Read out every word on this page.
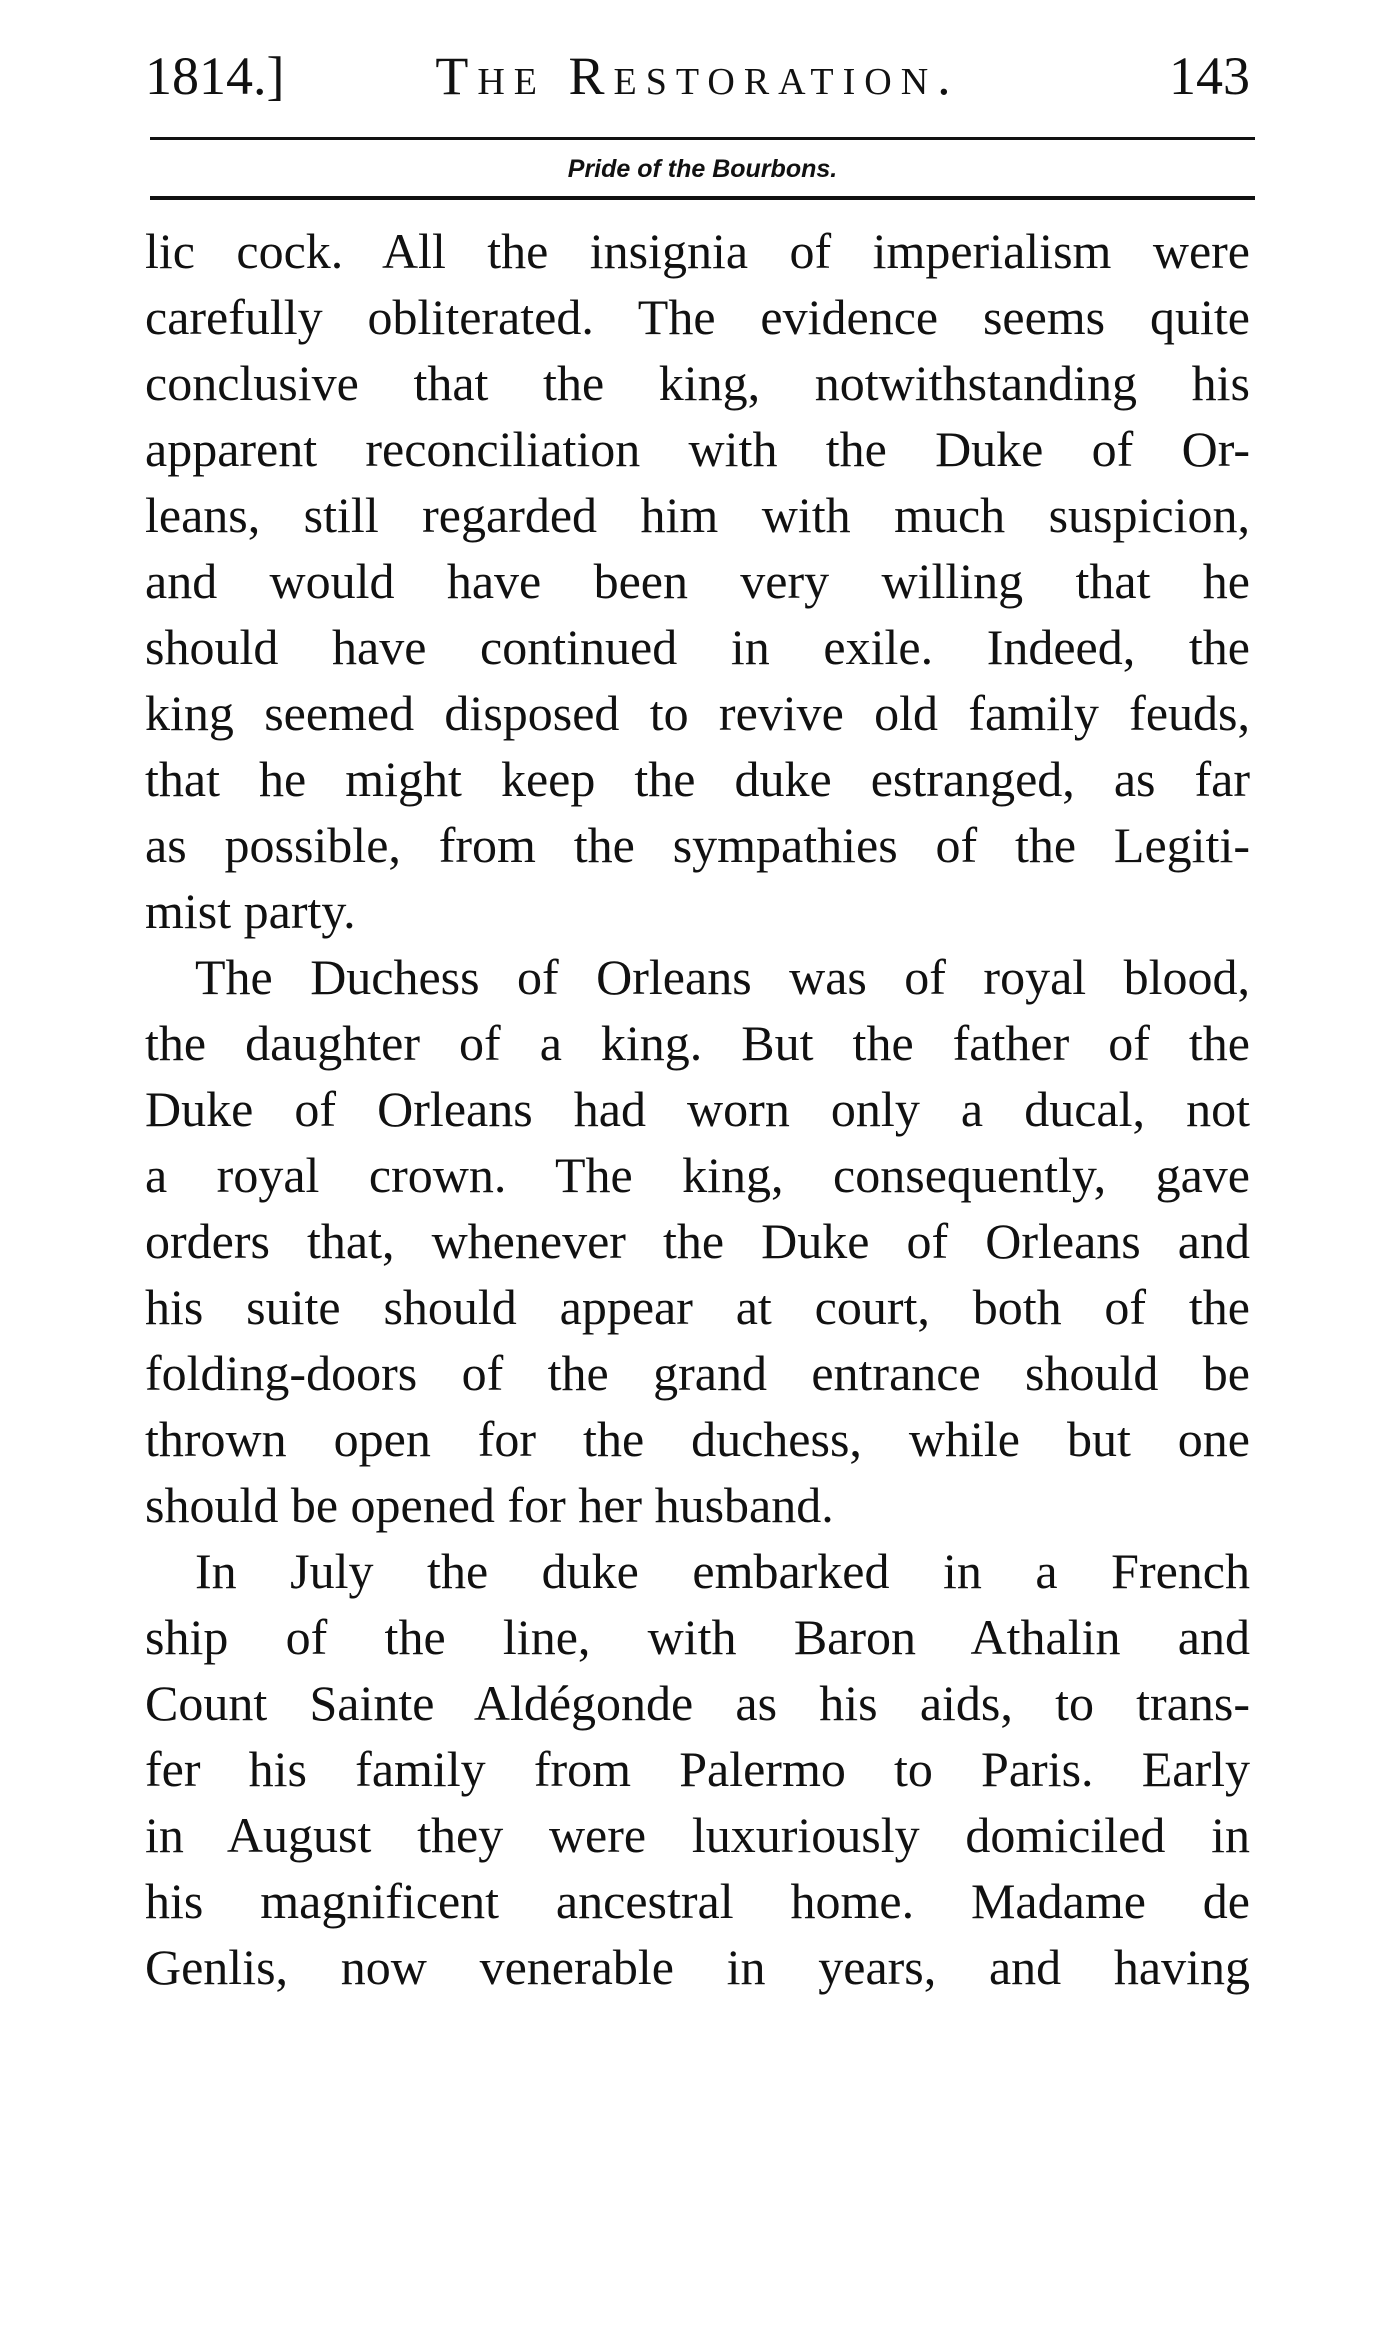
1814.]	The Restoration.	143
Pride of the Bourbons.
lic cock. All the insignia of imperialism were
carefully obliterated. The evidence seems quite
conclusive that the king, notwithstanding his
apparent reconciliation with the Duke of Or-
leans, still regarded him with much suspicion,
and would have been very willing that he
should have continued in exile. Indeed, the
king seemed disposed to revive old family feuds,
that he might keep the duke estranged, as far
as possible, from the sympathies of the Legiti-
mist party.
The Duchess of Orleans was of royal blood,
the daughter of a king. But the father of the
Duke of Orleans had worn only a ducal, not
a royal crown. The king, consequently, gave
orders that, whenever the Duke of Orleans and
his suite should appear at court, both of the
folding-doors of the grand entrance should be
thrown open for the duchess, while but one
should be opened for her husband.
In July the duke embarked in a French
ship of the line, with Baron Athalin and
Count Sainte Aldégonde as his aids, to trans-
fer his family from Palermo to Paris. Early
in August they were luxuriously domiciled in
his magnificent ancestral home. Madame de
Genlis, now venerable in years, and having
